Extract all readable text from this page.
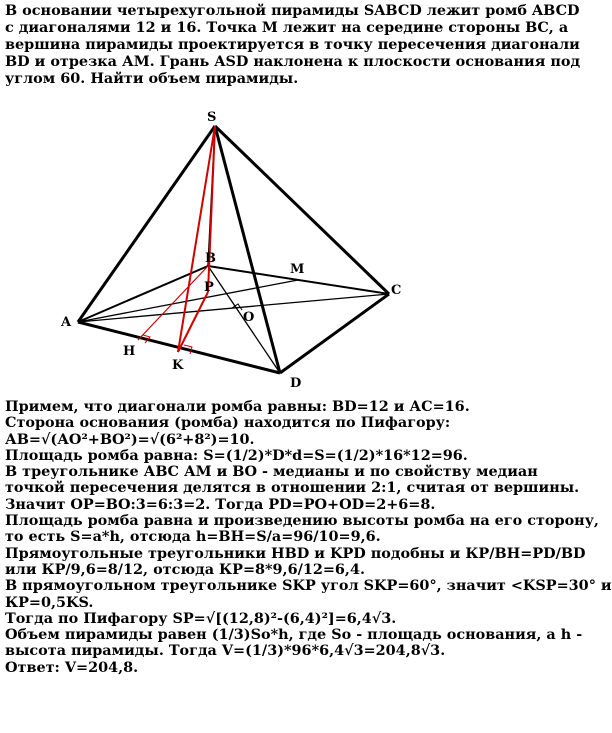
В основании четырехугольной пирамиды SABCD лежит ромб ABCD
с диагоналями 12 и 16. Точка М лежит на середине стороны ВС, а
вершина пирамиды проектируется в точку пересечения диагонали
BD и отрезка АМ. Грань ASD наклонена к плоскости основания под
углом 60. Найти объем пирамиды.
S
B
M
P	C
A	O
H
K
D
Примем, что диагонали ромба равны: BD=12 и АС=16.
Сторона основания (ромба) находится по Пифагору:
АВ=√(АО²+ВО²)=√(6²+8²)=10.
Площадь ромба равна: S=(1/2)*D*d=S=(1/2)*16*12=96.
В треугольнике АВС АМ и ВО - медианы и по свойству медиан
точкой пересечения делятся в отношении 2:1, считая от вершины.
Значит ОР=ВО:3=6:3=2. Тогда PD=PO+OD=2+6=8.
Площадь ромба равна и произведению высоты ромба на его сторону,
то есть S=a*h, отсюда h=BH=S/a=96/10=9,6.
Прямоугольные треугольники HBD и KPD подобны и КР/ВН=PD/BD
или КР/9,6=8/12, отсюда КР=8*9,6/12=6,4.
В прямоугольном треугольнике SKP угол SKP=60°, значит <KSP=30° и
КР=0,5KS.
Тогда по Пифагору SP=√[(12,8)²-(6,4)²]=6,4√3.
Объем пирамиды равен (1/3)So*h, где So - площадь основания, а h -
высота пирамиды. Тогда V=(1/3)*96*6,4√3=204,8√3.
Ответ: V=204,8.
